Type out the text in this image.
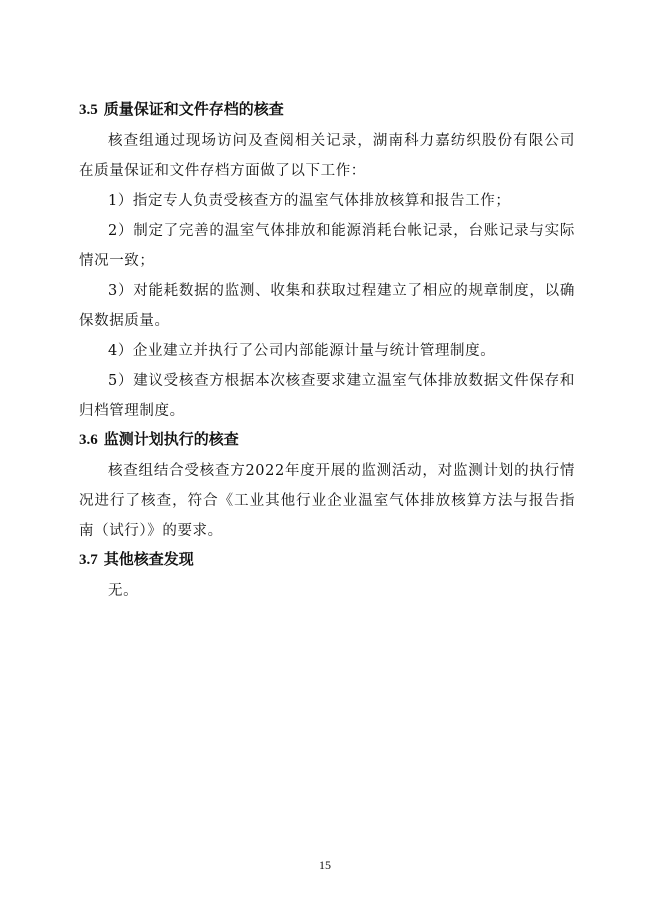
3.5 质量保证和文件存档的核查

核查组通过现场访问及查阅相关记录，湖南科力嘉纺织股份有限公司在质量保证和文件存档方面做了以下工作：

1）指定专人负责受核查方的温室气体排放核算和报告工作；

2）制定了完善的温室气体排放和能源消耗台帐记录，台账记录与实际情况一致；

3）对能耗数据的监测、收集和获取过程建立了相应的规章制度，以确保数据质量。

4）企业建立并执行了公司内部能源计量与统计管理制度。

5）建议受核查方根据本次核查要求建立温室气体排放数据文件保存和归档管理制度。

3.6 监测计划执行的核查

核查组结合受核查方2022年度开展的监测活动，对监测计划的执行情况进行了核查，符合《工业其他行业企业温室气体排放核算方法与报告指南（试行）》的要求。

3.7 其他核查发现

无。

15
